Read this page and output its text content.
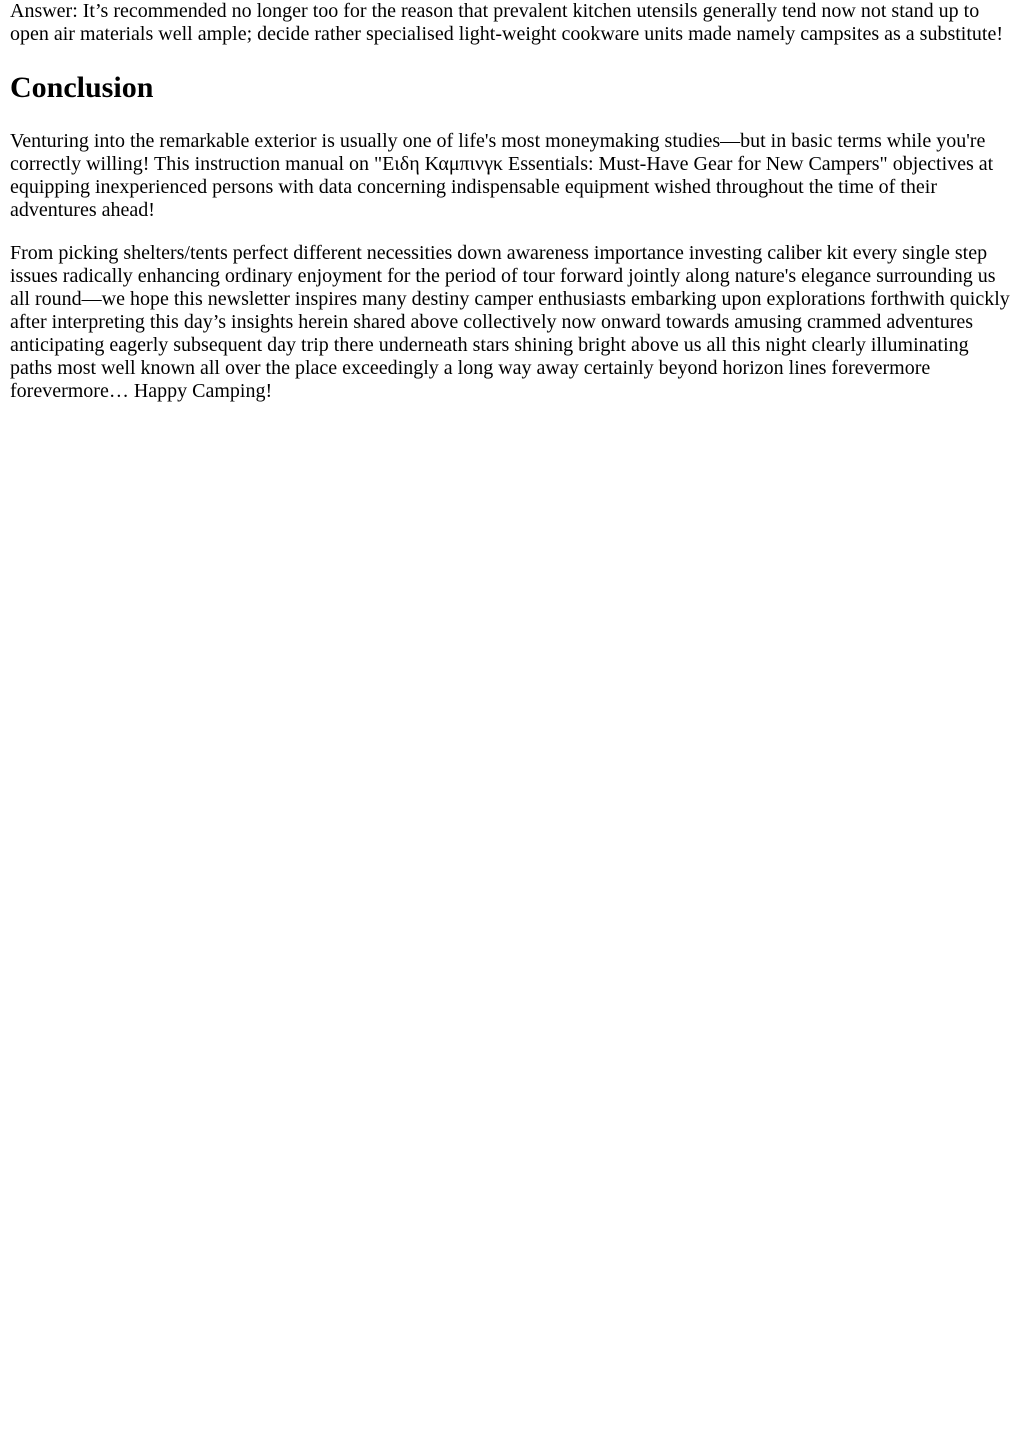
Answer: It’s recommended no longer too for the reason that prevalent kitchen utensils generally tend now not stand up to open air materials well ample; decide rather specialised light-weight cookware units made namely campsites as a substitute!

Conclusion

Venturing into the remarkable exterior is usually one of life's most moneymaking studies—but in basic terms while you're correctly willing! This instruction manual on "Ειδη Καμπινγκ Essentials: Must-Have Gear for New Campers" objectives at equipping inexperienced persons with data concerning indispensable equipment wished throughout the time of their adventures ahead!

From picking shelters/tents perfect different necessities down awareness importance investing caliber kit every single step issues radically enhancing ordinary enjoyment for the period of tour forward jointly along nature's elegance surrounding us all round—we hope this newsletter inspires many destiny camper enthusiasts embarking upon explorations forthwith quickly after interpreting this day’s insights herein shared above collectively now onward towards amusing crammed adventures anticipating eagerly subsequent day trip there underneath stars shining bright above us all this night clearly illuminating paths most well known all over the place exceedingly a long way away certainly beyond horizon lines forevermore forevermore… Happy Camping!
